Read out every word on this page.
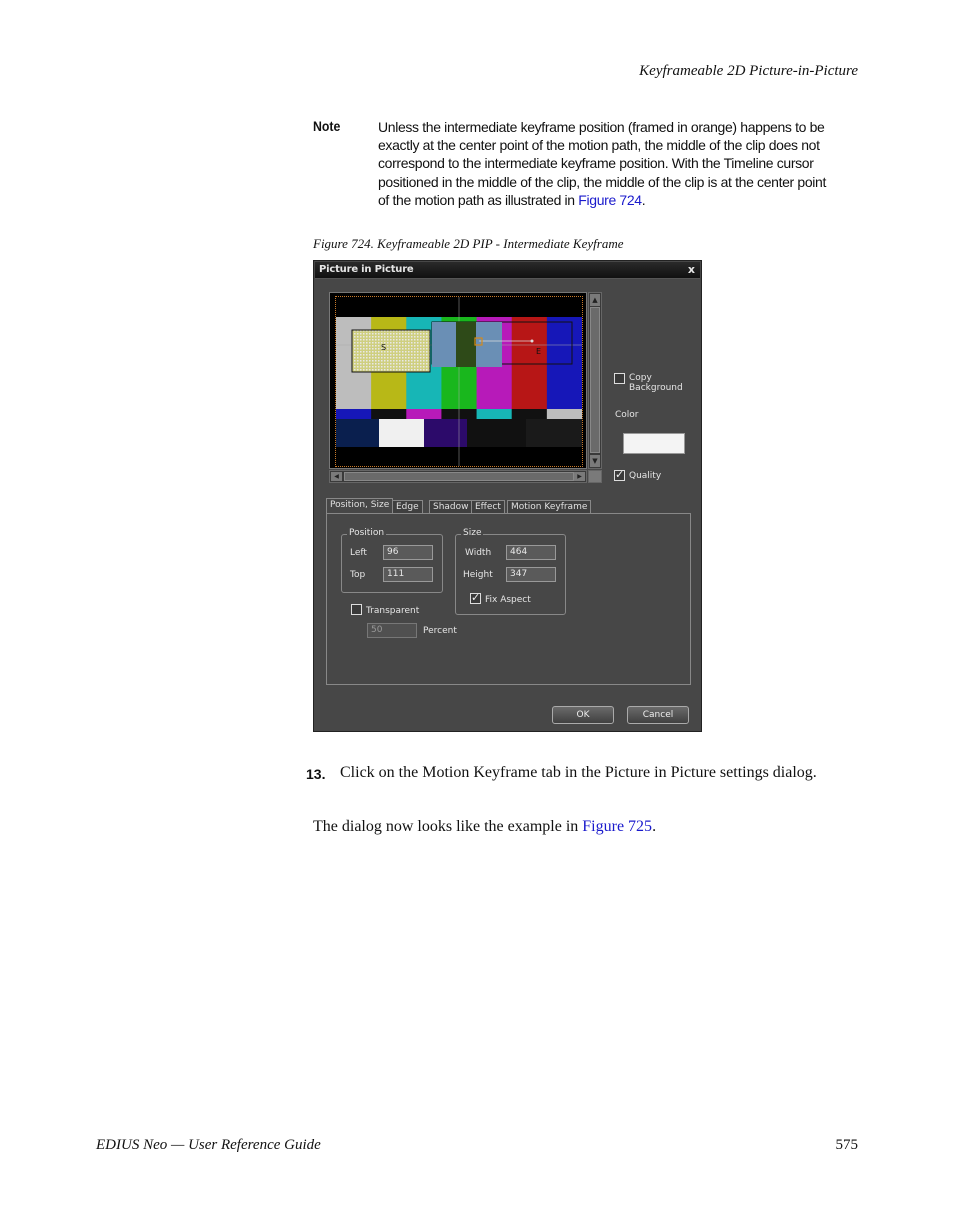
Keyframeable 2D Picture-in-Picture
Note	Unless the intermediate keyframe position (framed in orange) happens to be exactly at the center point of the motion path, the middle of the clip does not correspond to the intermediate keyframe position. With the Timeline cursor positioned in the middle of the clip, the middle of the clip is at the center point of the motion path as illustrated in Figure 724.
Figure 724. Keyframeable 2D PIP - Intermediate Keyframe
Picture in Picture	x
S	E
▲
▼
◀	▶
Copy Background
Color
✓
Quality
Position, Size Edge	Shadow Effect	Motion Keyframe
Position
Left	96
Top	111
Size
Width	464
Height	347
✓
Fix Aspect
Transparent
50	Percent
OK	Cancel
13. Click on the Motion Keyframe tab in the Picture in Picture settings dialog.
The dialog now looks like the example in Figure 725.
EDIUS Neo — User Reference Guide	575
